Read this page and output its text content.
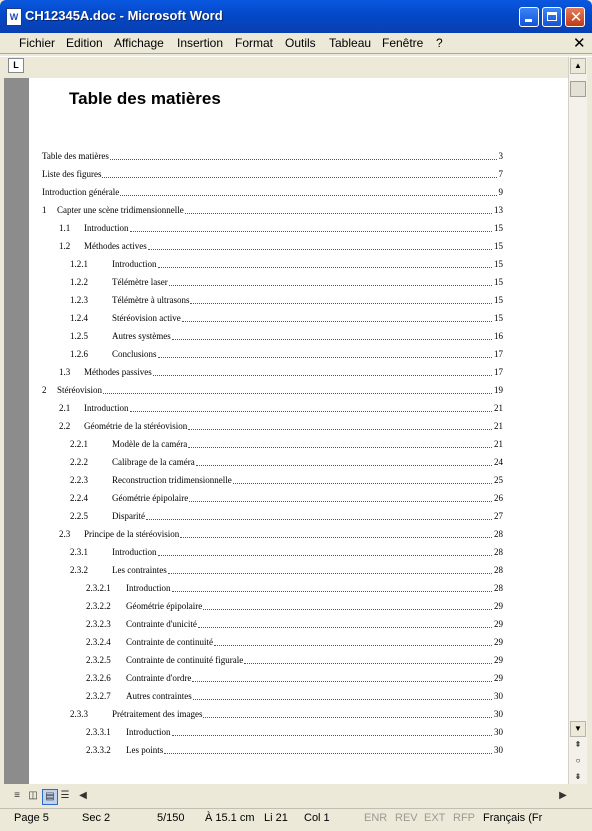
W CH12345A.doc - Microsoft Word	✕
Fichier Edition Affichage Insertion Format Outils Tableau Fenêtre ?	✕
L
Table des matières
Table des matières	3
Liste des figures	7
Introduction générale	9
1 Capter une scène tridimensionnelle	13
1.1 Introduction	15
1.2 Méthodes actives	15
1.2.1	Introduction	15
1.2.2	Télémètre laser	15
1.2.3	Télémètre à ultrasons	15
1.2.4	Stéréovision active	15
1.2.5	Autres systèmes	16
1.2.6	Conclusions	17
1.3 Méthodes passives	17
2 Stéréovision	19
2.1 Introduction	21
2.2 Géométrie de la stéréovision	21
2.2.1	Modèle de la caméra	21
2.2.2	Calibrage de la caméra	24
2.2.3	Reconstruction tridimensionnelle	25
2.2.4	Géométrie épipolaire	26
2.2.5	Disparité	27
2.3 Principe de la stéréovision	28
2.3.1	Introduction	28
2.3.2	Les contraintes	28
2.3.2.1 Introduction	28
2.3.2.2 Géométrie épipolaire	29
2.3.2.3 Contrainte d'unicité	29
2.3.2.4 Contrainte de continuité	29
2.3.2.5 Contrainte de continuité figurale	29
2.3.2.6 Contrainte d'ordre	29
2.3.2.7 Autres contraintes	30
2.3.3	Prétraitement des images	30
2.3.3.1 Introduction	30
2.3.3.2 Les points	30
▲
▼
⇞
○
⇟
≡ ◫ ▤ ☰ ◀	▶
Page 5	Sec 2	5/150 À 15.1 cm Li 21 Col 1	ENR REV EXT RFP Français (Fr
